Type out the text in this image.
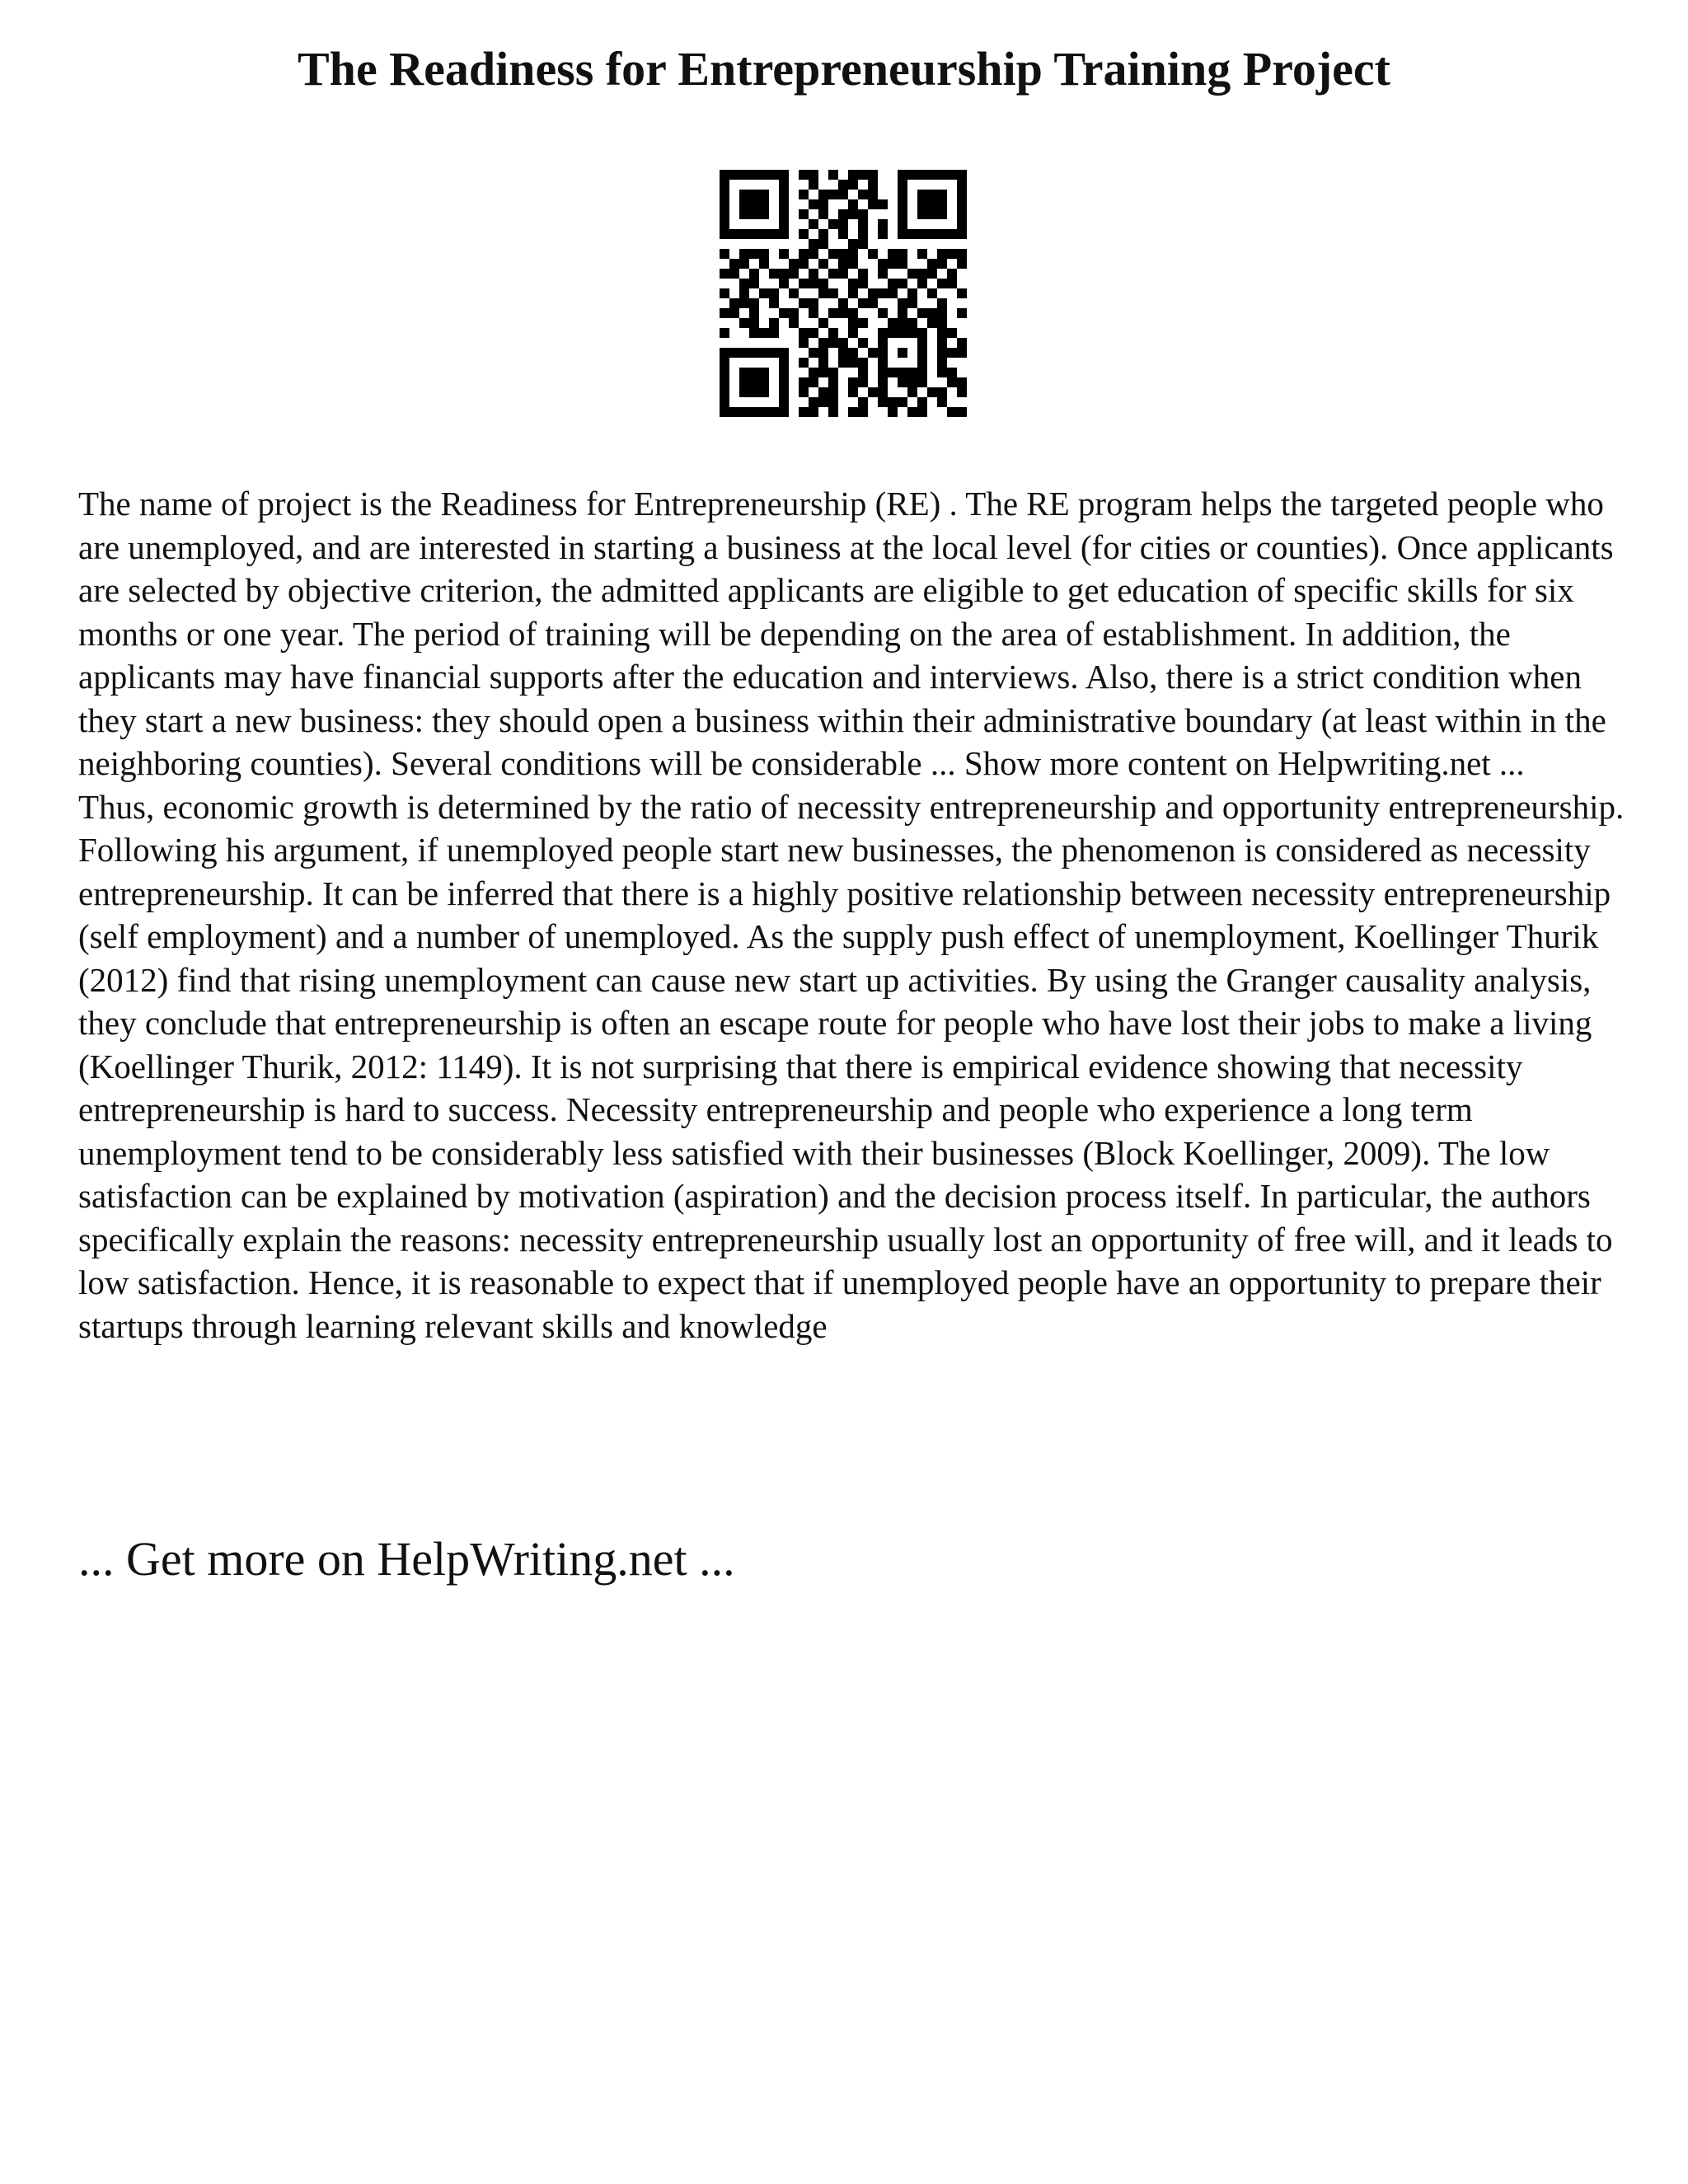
The Readiness for Entrepreneurship Training Project

The name of project is the Readiness for Entrepreneurship (RE) . The RE program helps the targeted people who are unemployed, and are interested in starting a business at the local level (for cities or counties). Once applicants are selected by objective criterion, the admitted applicants are eligible to get education of specific skills for six months or one year. The period of training will be depending on the area of establishment. In addition, the applicants may have financial supports after the education and interviews. Also, there is a strict condition when they start a new business: they should open a business within their administrative boundary (at least within in the neighboring counties). Several conditions will be considerable ... Show more content on Helpwriting.net ...

Thus, economic growth is determined by the ratio of necessity entrepreneurship and opportunity entrepreneurship. Following his argument, if unemployed people start new businesses, the phenomenon is considered as necessity entrepreneurship. It can be inferred that there is a highly positive relationship between necessity entrepreneurship (self employment) and a number of unemployed. As the supply push effect of unemployment, Koellinger Thurik (2012) find that rising unemployment can cause new start up activities. By using the Granger causality analysis, they conclude that entrepreneurship is often an escape route for people who have lost their jobs to make a living (Koellinger Thurik, 2012: 1149). It is not surprising that there is empirical evidence showing that necessity entrepreneurship is hard to success. Necessity entrepreneurship and people who experience a long term unemployment tend to be considerably less satisfied with their businesses (Block Koellinger, 2009). The low satisfaction can be explained by motivation (aspiration) and the decision process itself. In particular, the authors specifically explain the reasons: necessity entrepreneurship usually lost an opportunity of free will, and it leads to low satisfaction. Hence, it is reasonable to expect that if unemployed people have an opportunity to prepare their startups through learning relevant skills and knowledge

... Get more on HelpWriting.net ...
